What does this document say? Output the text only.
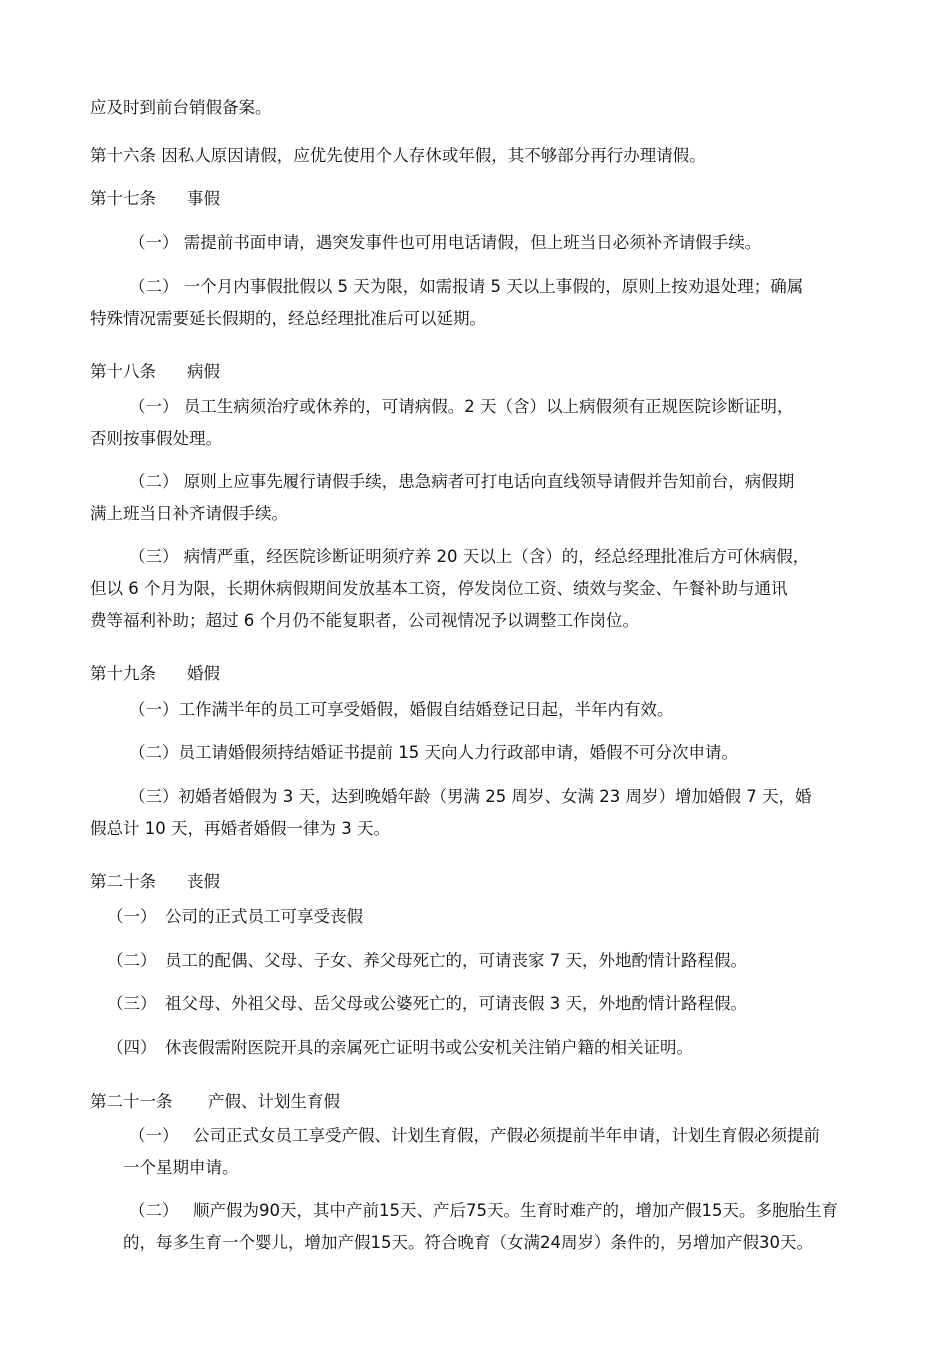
应及时到前台销假备案。
第十六条 因私人原因请假，应优先使用个人存休或年假，其不够部分再行办理请假。
第十七条 事假
（一） 需提前书面申请，遇突发事件也可用电话请假，但上班当日必须补齐请假手续。
（二） 一个月内事假批假以 5 天为限，如需报请 5 天以上事假的，原则上按劝退处理；确属
特殊情况需要延长假期的，经总经理批准后可以延期。
第十八条 病假
（一） 员工生病须治疗或休养的，可请病假。2 天（含）以上病假须有正规医院诊断证明，
否则按事假处理。
（二） 原则上应事先履行请假手续，患急病者可打电话向直线领导请假并告知前台，病假期
满上班当日补齐请假手续。
（三） 病情严重，经医院诊断证明须疗养 20 天以上（含）的，经总经理批准后方可休病假，
但以 6 个月为限，长期休病假期间发放基本工资，停发岗位工资、绩效与奖金、午餐补助与通讯
费等福利补助；超过 6 个月仍不能复职者，公司视情况予以调整工作岗位。
第十九条 婚假
（一）工作满半年的员工可享受婚假，婚假自结婚登记日起，半年内有效。
（二）员工请婚假须持结婚证书提前 15 天向人力行政部申请，婚假不可分次申请。
（三）初婚者婚假为 3 天，达到晚婚年龄（男满 25 周岁、女满 23 周岁）增加婚假 7 天，婚
假总计 10 天，再婚者婚假一律为 3 天。
第二十条 丧假
（一） 公司的正式员工可享受丧假
（二） 员工的配偶、父母、子女、养父母死亡的，可请丧家 7 天，外地酌情计路程假。
（三） 祖父母、外祖父母、岳父母或公婆死亡的，可请丧假 3 天，外地酌情计路程假。
（四） 休丧假需附医院开具的亲属死亡证明书或公安机关注销户籍的相关证明。
第二十一条 产假、计划生育假
（一） 公司正式女员工享受产假、计划生育假，产假必须提前半年申请，计划生育假必须提前
一个星期申请。
（二） 顺产假为90天，其中产前15天、产后75天。生育时难产的，增加产假15天。多胞胎生育
的，每多生育一个婴儿，增加产假15天。符合晚育（女满24周岁）条件的，另增加产假30天。
